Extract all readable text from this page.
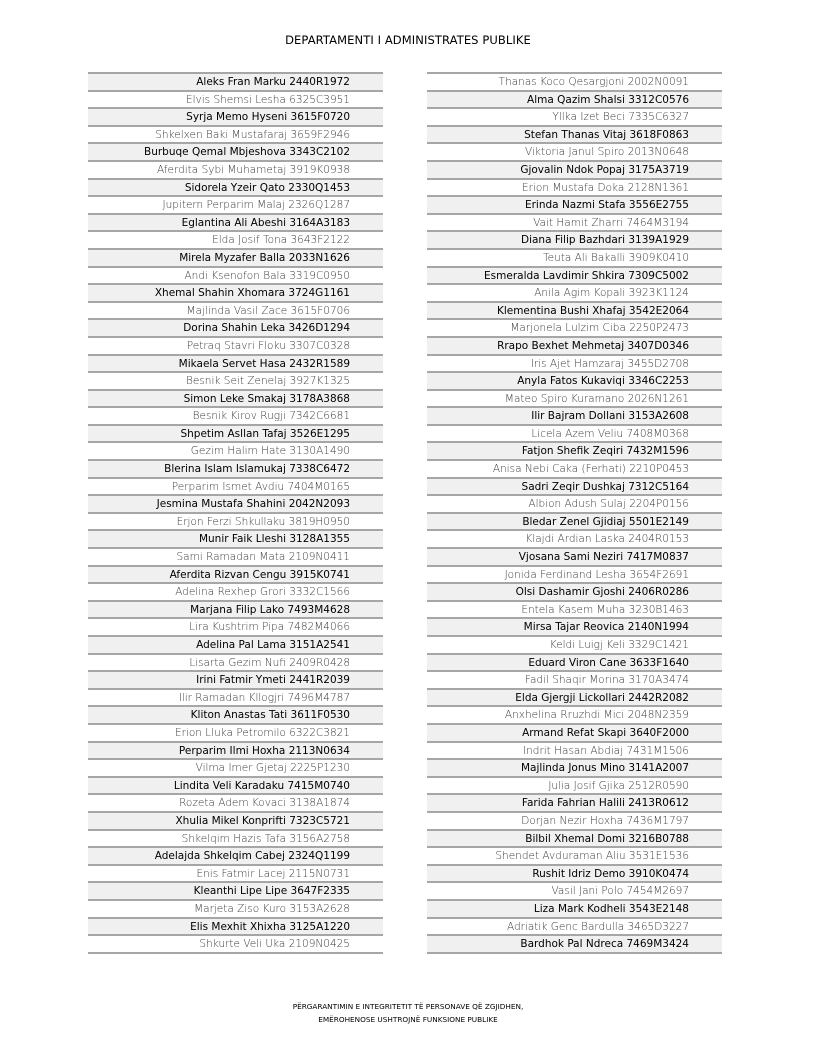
DEPARTAMENTI I ADMINISTRATES PUBLIKE
Aleks Fran Marku 2440R1972
Elvis Shemsi Lesha 6325C3951
Syrja Memo Hyseni 3615F0720
Shkelxen Baki Mustafaraj 3659F2946
Burbuqe Qemal Mbjeshova 3343C2102
Aferdita Sybi Muhametaj 3919K0938
Sidorela Yzeir Qato 2330Q1453
Jupitern Perparim Malaj 2326Q1287
Eglantina Ali Abeshi 3164A3183
Elda Josif Tona 3643F2122
Mirela Myzafer Balla 2033N1626
Andi Ksenofon Bala 3319C0950
Xhemal Shahin Xhomara 3724G1161
Majlinda Vasil Zace 3615F0706
Dorina Shahin Leka 3426D1294
Petraq Stavri Floku 3307C0328
Mikaela Servet Hasa 2432R1589
Besnik Seit Zenelaj 3927K1325
Simon Leke Smakaj 3178A3868
Besnik Kirov Rugji 7342C6681
Shpetim Asllan Tafaj 3526E1295
Gezim Halim Hate 3130A1490
Blerina Islam Islamukaj 7338C6472
Perparim Ismet Avdiu 7404M0165
Jesmina Mustafa Shahini 2042N2093
Erjon Ferzi Shkullaku 3819H0950
Munir Faik Lleshi 3128A1355
Sami Ramadan Mata 2109N0411
Aferdita Rizvan Cengu 3915K0741
Adelina Rexhep Grori 3332C1566
Marjana Filip Lako 7493M4628
Lira Kushtrim Pipa 7482M4066
Adelina Pal Lama 3151A2541
Lisarta Gezim Nufi 2409R0428
Irini Fatmir Ymeti 2441R2039
Ilir Ramadan Kllogjri 7496M4787
Kliton Anastas Tati 3611F0530
Erion Lluka Petromilo 6322C3821
Perparim Ilmi Hoxha 2113N0634
Vilma Imer Gjetaj 2225P1230
Lindita Veli Karadaku 7415M0740
Rozeta Adem Kovaci 3138A1874
Xhulia Mikel Konprifti 7323C5721
Shkelqim Hazis Tafa 3156A2758
Adelajda Shkelqim Cabej 2324Q1199
Enis Fatmir Lacej 2115N0731
Kleanthi Lipe Lipe 3647F2335
Marjeta Ziso Kuro 3153A2628
Elis Mexhit Xhixha 3125A1220
Shkurte Veli Uka 2109N0425
Thanas Koco Qesargjoni 2002N0091
Alma Qazim Shalsi 3312C0576
Yllka Izet Beci 7335C6327
Stefan Thanas Vitaj 3618F0863
Viktoria Janul Spiro 2013N0648
Gjovalin Ndok Popaj 3175A3719
Erion Mustafa Doka 2128N1361
Erinda Nazmi Stafa 3556E2755
Vait Hamit Zharri 7464M3194
Diana Filip Bazhdari 3139A1929
Teuta Ali Bakalli 3909K0410
Esmeralda Lavdimir Shkira 7309C5002
Anila Agim Kopali 3923K1124
Klementina Bushi Xhafaj 3542E2064
Marjonela Lulzim Ciba 2250P2473
Rrapo Bexhet Mehmetaj 3407D0346
Iris Ajet Hamzaraj 3455D2708
Anyla Fatos Kukaviqi 3346C2253
Mateo Spiro Kuramano 2026N1261
Ilir Bajram Dollani 3153A2608
Licela Azem Veliu 7408M0368
Fatjon Shefik Zeqiri 7432M1596
Anisa Nebi Caka (Ferhati) 2210P0453
Sadri Zeqir Dushkaj 7312C5164
Albion Adush Sulaj 2204P0156
Bledar Zenel Gjidiaj 5501E2149
Klajdi Ardian Laska 2404R0153
Vjosana Sami Neziri 7417M0837
Jonida Ferdinand Lesha 3654F2691
Olsi Dashamir Gjoshi 2406R0286
Entela Kasem Muha 3230B1463
Mirsa Tajar Reovica 2140N1994
Keldi Luigj Keli 3329C1421
Eduard Viron Cane 3633F1640
Fadil Shaqir Morina 3170A3474
Elda Gjergji Lickollari 2442R2082
Anxhelina Rruzhdi Mici 2048N2359
Armand Refat Skapi 3640F2000
Indrit Hasan Abdiaj 7431M1506
Majlinda Jonus Mino 3141A2007
Julia Josif Gjika 2512R0590
Farida Fahrian Halili 2413R0612
Dorjan Nezir Hoxha 7436M1797
Bilbil Xhemal Domi 3216B0788
Shendet Avduraman Aliu 3531E1536
Rushit Idriz Demo 3910K0474
Vasil Jani Polo 7454M2697
Liza Mark Kodheli 3543E2148
Adriatik Genc Bardulla 3465D3227
Bardhok Pal Ndreca 7469M3424
PËRGARANTIMIN E INTEGRITETIT TË PERSONAVE QË ZGJIDHEN,
EMËROHENOSE USHTROJNË FUNKSIONE PUBLIKE
